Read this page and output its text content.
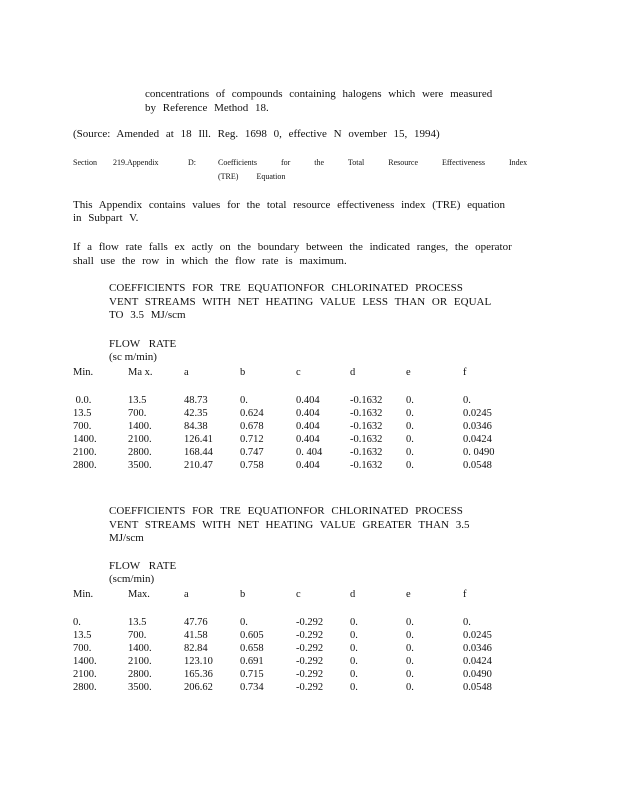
concentrations of compounds containing halogens which were measured
by Reference Method 18.
(Source: Amended at 18 Ill. Reg. 1698 0, effective N ovember 15, 1994)
Section 219.Appendix	D:	Coefficients for the Total Resource Effectiveness Index
(TRE) Equation
This Appendix contains values for the total resource effectiveness index (TRE) equation
in Subpart V.
If a flow rate falls ex actly on the boundary between the indicated ranges, the operator
shall use the row in which the flow rate is maximum.
COEFFICIENTS FOR TRE EQUATIONFOR CHLORINATED PROCESS
VENT STREAMS WITH NET HEATING VALUE LESS THAN OR EQUAL
TO 3.5 MJ/scm
FLOW RATE
(sc m/min)
Min.	Ma x.	a	b	c	d	e	f

0.0.	13.5	48.73	0.	0.404	-0.1632	0.	0.
13.5	700.	42.35	0.624	0.404	-0.1632	0.	0.0245
700.	1400.	84.38	0.678	0.404	-0.1632	0.	0.0346
1400.	2100.	126.41	0.712	0.404	-0.1632	0.	0.0424
2100.	2800.	168.44	0.747	0. 404	-0.1632	0.	0. 0490
2800.	3500.	210.47	0.758	0.404	-0.1632	0.	0.0548
COEFFICIENTS FOR TRE EQUATIONFOR CHLORINATED PROCESS
VENT STREAMS WITH NET HEATING VALUE GREATER THAN 3.5
MJ/scm
FLOW RATE
(scm/min)
Min.	Max.	a	b	c	d	e	f

0.	13.5	47.76	0.	-0.292	0.	0.	0.
13.5	700.	41.58	0.605	-0.292	0.	0.	0.0245
700.	1400.	82.84	0.658	-0.292	0.	0.	0.0346
1400.	2100.	123.10	0.691	-0.292	0.	0.	0.0424
2100.	2800.	165.36	0.715	-0.292	0.	0.	0.0490
2800.	3500.	206.62	0.734	-0.292	0.	0.	0.0548
